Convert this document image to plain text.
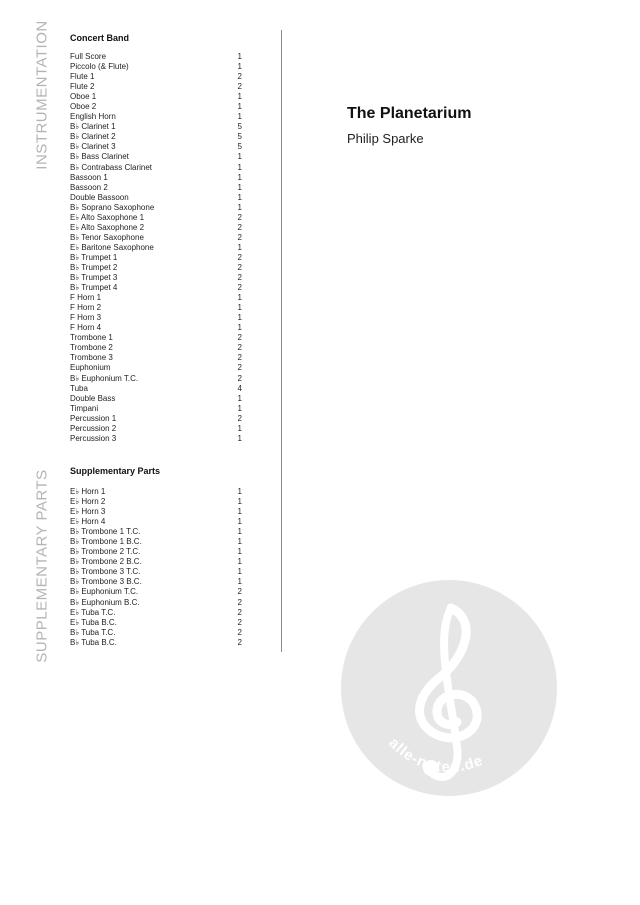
INSTRUMENTATION
SUPPLEMENTARY PARTS
Concert Band
Full Score	1
Piccolo (& Flute)	1
Flute 1	2
Flute 2	2
Oboe 1	1
Oboe 2	1
English Horn	1
B♭ Clarinet 1	5
B♭ Clarinet 2	5
B♭ Clarinet 3	5
B♭ Bass Clarinet	1
B♭ Contrabass Clarinet	1
Bassoon 1	1
Bassoon 2	1
Double Bassoon	1
B♭ Soprano Saxophone	1
E♭ Alto Saxophone 1	2
E♭ Alto Saxophone 2	2
B♭ Tenor Saxophone	2
E♭ Baritone Saxophone	1
B♭ Trumpet 1	2
B♭ Trumpet 2	2
B♭ Trumpet 3	2
B♭ Trumpet 4	2
F Horn 1	1
F Horn 2	1
F Horn 3	1
F Horn 4	1
Trombone 1	2
Trombone 2	2
Trombone 3	2
Euphonium	2
B♭ Euphonium T.C.	2
Tuba	4
Double Bass	1
Timpani	1
Percussion 1	2
Percussion 2	1
Percussion 3	1
Supplementary Parts
E♭ Horn 1	1
E♭ Horn 2	1
E♭ Horn 3	1
E♭ Horn 4	1
B♭ Trombone 1 T.C.	1
B♭ Trombone 1 B.C.	1
B♭ Trombone 2 T.C.	1
B♭ Trombone 2 B.C.	1
B♭ Trombone 3 T.C.	1
B♭ Trombone 3 B.C.	1
B♭ Euphonium T.C.	2
B♭ Euphonium B.C.	2
E♭ Tuba T.C.	2
E♭ Tuba B.C.	2
B♭ Tuba T.C.	2
B♭ Tuba B.C.	2
The Planetarium
Philip Sparke
alle-noten.de
